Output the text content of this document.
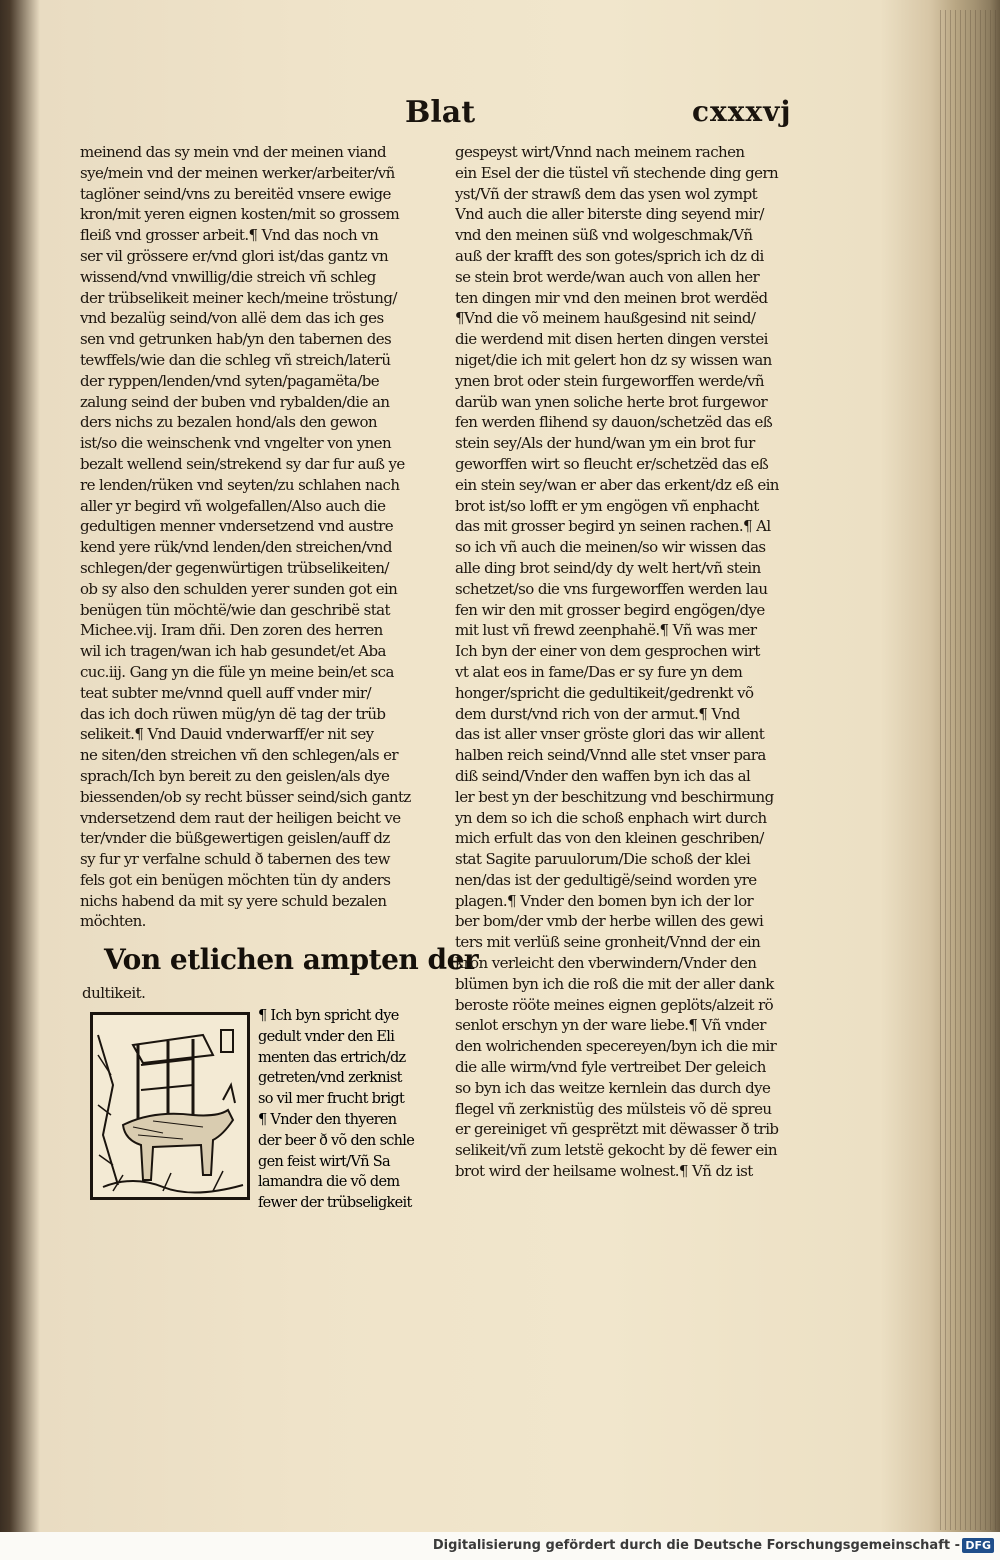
Blat	cxxxvj
meinend das sy mein vnd der meinen viand
sye/mein vnd der meinen werker/arbeiter/vñ
taglöner seind/vns zu bereitëd vnsere ewige
kron/mit yeren eignen kosten/mit so grossem
fleiß vnd grosser arbeit.¶ Vnd das noch vn
ser vil grössere er/vnd glori ist/das gantz vn
wissend/vnd vnwillig/die streich vñ schleg
der trübselikeit meiner kech/meine tröstung/
vnd bezalüg seind/von allë dem das ich ges
sen vnd getrunken hab/yn den tabernen des
tewffels/wie dan die schleg vñ streich/laterü
der ryppen/lenden/vnd syten/pagamëta/be
zalung seind der buben vnd rybalden/die an
ders nichs zu bezalen hond/als den gewon
ist/so die weinschenk vnd vngelter von ynen
bezalt wellend sein/strekend sy dar fur auß ye
re lenden/rüken vnd seyten/zu schlahen nach
aller yr begird vñ wolgefallen/Also auch die
gedultigen menner vndersetzend vnd austre
kend yere rük/vnd lenden/den streichen/vnd
schlegen/der gegenwürtigen trübselikeiten/
ob sy also den schulden yerer sunden got ein
benügen tün möchtë/wie dan geschribë stat
Michee.vij. Iram dñi. Den zoren des herren
wil ich tragen/wan ich hab gesundet/et Aba
cuc.iij. Gang yn die füle yn meine bein/et sca
teat subter me/vnnd quell auff vnder mir/
das ich doch rüwen müg/yn dë tag der trüb
selikeit.¶ Vnd Dauid vnderwarff/er nit sey
ne siten/den streichen vñ den schlegen/als er
sprach/Ich byn bereit zu den geislen/als dye
biessenden/ob sy recht büsser seind/sich gantz
vndersetzend dem raut der heiligen beicht ve
ter/vnder die büßgewertigen geislen/auff dz
sy fur yr verfalne schuld ð tabernen des tew
fels got ein benügen möchten tün dy anders
nichs habend da mit sy yere schuld bezalen
möchten.
Von etlichen ampten der
dultikeit.
¶ Ich byn spricht dye
gedult vnder den Eli
menten das ertrich/dz
getreten/vnd zerknist
so vil mer frucht brigt
¶ Vnder den thyeren
der beer ð võ den schle
gen feist wirt/Vñ Sa
lamandra die võ dem
fewer der trübseligkeit
gespeyst wirt/Vnnd nach meinem rachen
ein Esel der die tüstel vñ stechende ding gern
yst/Vñ der strawß dem das ysen wol zympt
Vnd auch die aller biterste ding seyend mir/
vnd den meinen süß vnd wolgeschmak/Vñ
auß der krafft des son gotes/sprich ich dz di
se stein brot werde/wan auch von allen her
ten dingen mir vnd den meinen brot werdëd
¶Vnd die võ meinem haußgesind nit seind/
die werdend mit disen herten dingen verstei
niget/die ich mit gelert hon dz sy wissen wan
ynen brot oder stein furgeworffen werde/vñ
darüb wan ynen soliche herte brot furgewor
fen werden flihend sy dauon/schetzëd das eß
stein sey/Als der hund/wan ym ein brot fur
geworffen wirt so fleucht er/schetzëd das eß
ein stein sey/wan er aber das erkent/dz eß ein
brot ist/so lofft er ym engögen vñ enphacht
das mit grosser begird yn seinen rachen.¶ Al
so ich vñ auch die meinen/so wir wissen das
alle ding brot seind/dy dy welt hert/vñ stein
schetzet/so die vns furgeworffen werden lau
fen wir den mit grosser begird engögen/dye
mit lust vñ frewd zeenphahë.¶ Vñ was mer
Ich byn der einer von dem gesprochen wirt
vt alat eos in fame/Das er sy fure yn dem
honger/spricht die gedultikeit/gedrenkt võ
dem durst/vnd rich von der armut.¶ Vnd
das ist aller vnser gröste glori das wir allent
halben reich seind/Vnnd alle stet vnser para
diß seind/Vnder den waffen byn ich das al
ler best yn der beschitzung vnd beschirmung
yn dem so ich die schoß enphach wirt durch
mich erfult das von den kleinen geschriben/
stat Sagite paruulorum/Die schoß der klei
nen/das ist der gedultigë/seind worden yre
plagen.¶ Vnder den bomen byn ich der lor
ber bom/der vmb der herbe willen des gewi
ters mit verlüß seine gronheit/Vnnd der ein
kron verleicht den vberwindern/Vnder den
blümen byn ich die roß die mit der aller dank
beroste rööte meines eignen geplöts/alzeit rö
senlot erschyn yn der ware liebe.¶ Vñ vnder
den wolrichenden specereyen/byn ich die mir
die alle wirm/vnd fyle vertreibet Der geleich
so byn ich das weitze kernlein das durch dye
flegel vñ zerknistüg des mülsteis võ dë spreu
er gereiniget vñ gesprëtzt mit dëwasser ð trib
selikeit/vñ zum letstë gekocht by dë fewer ein
brot wird der heilsame wolnest.¶ Vñ dz ist
Digitalisierung gefördert durch die Deutsche Forschungsgemeinschaft - DFG
